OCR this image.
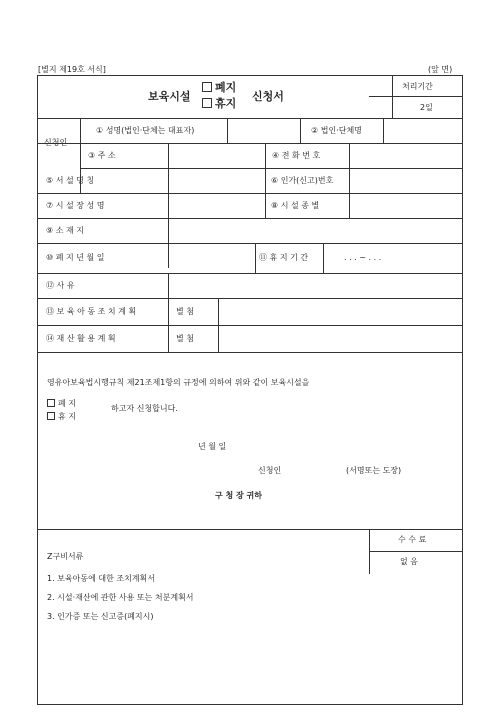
[별지 제19호 서식]	(앞 면)
보육시설
폐지
휴지
신청서
처리기간
2일
신청인
① 성명(법인·단체는 대표자)	② 법인·단체명
③ 주 소	④ 전 화 번 호
⑤ 서 설 명 칭	⑥ 인가(신고)번호
⑦ 시 설 장 성 명	⑧ 시 설 종 별
⑨ 소 재 지
⑩ 폐 지 년 월 일	⑪ 휴 지 기 간	. . . ~ . . .
⑫ 사 유
⑬ 보 육 아 동 조 치 계 획	별 첨
⑭ 재 산 활 용 계 획	별 첨
영유아보육법시행규칙 제21조제1항의 규정에 의하여 위와 같이 보육시설을
폐 지
휴 지
하고자 신청합니다.
년 월 일
신청인	(서명또는 도장)
구 청 장 귀하
Z구비서류
1. 보육아동에 대한 조치계획서
2. 시설·재산에 관한 사용 또는 처분계획서
3. 인가증 또는 신고증(폐지시)
수 수 료
없 음
